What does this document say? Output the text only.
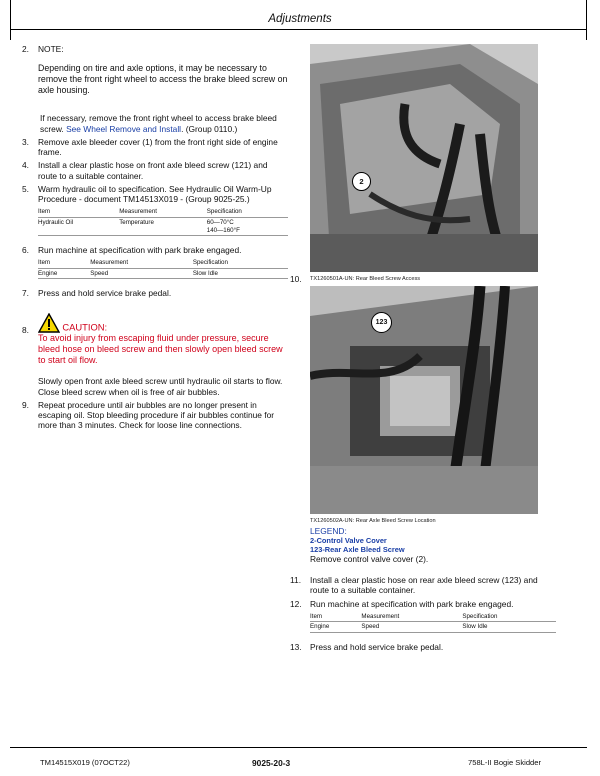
Adjustments
2. NOTE:

Depending on tire and axle options, it may be necessary to remove the front right wheel to access the brake bleed screw on axle housing.

If necessary, remove the front right wheel to access brake bleed screw. See Wheel Remove and Install. (Group 0110.)

3. Remove axle bleeder cover (1) from the front right side of engine frame.
4. Install a clear plastic hose on front axle bleed screw (121) and route to a suitable container.
5. Warm hydraulic oil to specification. See Hydraulic Oil Warm-Up Procedure - document TM14513X019 - (Group 9025-25.)
Item	Measurement	Specification
Hydraulic Oil	Temperature	60—70°C
140—160°F
6. Run machine at specification with park brake engaged.
Item	Measurement	Specification
Engine	Speed	Slow Idle
7. Press and hold service brake pedal.
8.	CAUTION:
To avoid injury from escaping fluid under pressure, secure bleed hose on bleed screw and then slowly open bleed screw to start oil flow.

Slowly open front axle bleed screw until hydraulic oil starts to flow. Close bleed screw when oil is free of air bubbles.

9. Repeat procedure until air bubbles are no longer present in escaping oil. Stop bleeding procedure if air bubbles continue for more than 3 minutes. Check for loose line connections.
2
10. TX1260501A-UN: Rear Bleed Screw Access
123
TX1260502A-UN: Rear Axle Bleed Screw Location
LEGEND:
2-Control Valve Cover
123-Rear Axle Bleed Screw
Remove control valve cover (2).
11. Install a clear plastic hose on rear axle bleed screw (123) and route to a suitable container.
12. Run machine at specification with park brake engaged.
Item	Measurement	Specification
Engine	Speed	Slow Idle
13. Press and hold service brake pedal.
TM14515X019 (07OCT22)	9025-20-3	758L-II Bogie Skidder
